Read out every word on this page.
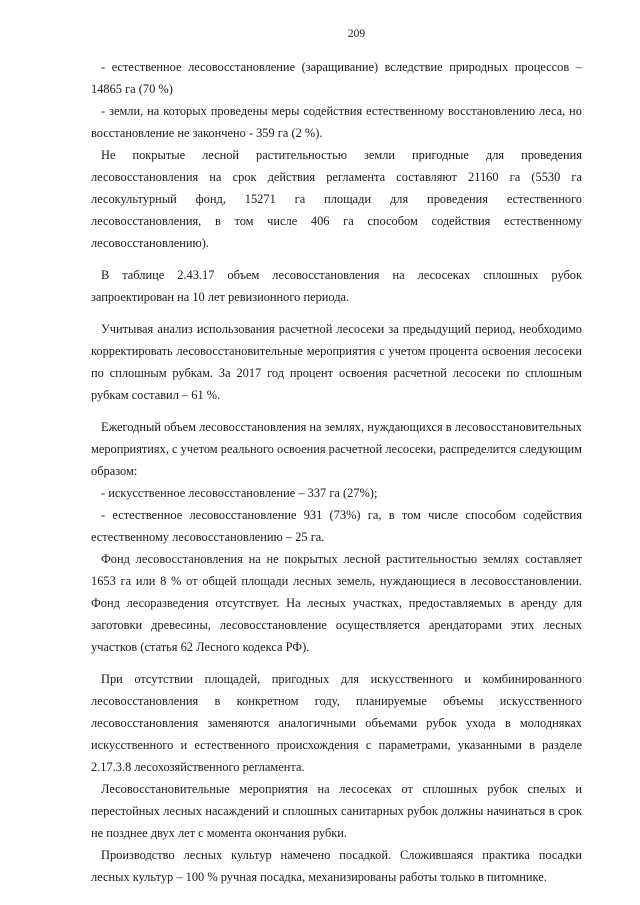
209

- естественное лесовосстановление (заращивание) вследствие природных процессов – 14865 га (70 %)

- земли, на которых проведены меры содействия естественному восстановлению леса, но восстановление не закончено - 359 га (2 %).

Не покрытые лесной растительностью земли пригодные для проведения лесовосстановления на срок действия регламента составляют 21160 га (5530 га лесокультурный фонд, 15271 га площади для проведения естественного лесовосстановления, в том числе 406 га способом содействия естественному лесовосстановлению).

В таблице 2.43.17 объем лесовосстановления на лесосеках сплошных рубок запроектирован на 10 лет ревизионного периода.

Учитывая анализ использования расчетной лесосеки за предыдущий период, необходимо корректировать лесовосстановительные мероприятия с учетом процента освоения лесосеки по сплошным рубкам. За 2017 год процент освоения расчетной лесосеки по сплошным рубкам составил – 61 %.

Ежегодный объем лесовосстановления на землях, нуждающихся в лесовосстановительных мероприятиях, с учетом реального освоения расчетной лесосеки, распределится следующим образом:

- искусственное лесовосстановление – 337 га (27%);

- естественное лесовосстановление 931 (73%) га, в том числе способом содействия естественному лесовосстановлению – 25 га.

Фонд лесовосстановления на не покрытых лесной растительностью землях составляет 1653 га или 8 % от общей площади лесных земель, нуждающиеся в лесовосстановлении. Фонд лесоразведения отсутствует. На лесных участках, предоставляемых в аренду для заготовки древесины, лесовосстановление осуществляется арендаторами этих лесных участков (статья 62 Лесного кодекса РФ).

При отсутствии площадей, пригодных для искусственного и комбинированного лесовосстановления в конкретном году, планируемые объемы искусственного лесовосстановления заменяются аналогичными объемами рубок ухода в молодняках искусственного и естественного происхождения с параметрами, указанными в разделе 2.17.3.8 лесохозяйственного регламента.

Лесовосстановительные мероприятия на лесосеках от сплошных рубок спелых и перестойных лесных насаждений и сплошных санитарных рубок должны начинаться в срок не позднее двух лет с момента окончания рубки.

Производство лесных культур намечено посадкой. Сложившаяся практика посадки лесных культур – 100 % ручная посадка, механизированы работы только в питомнике.
